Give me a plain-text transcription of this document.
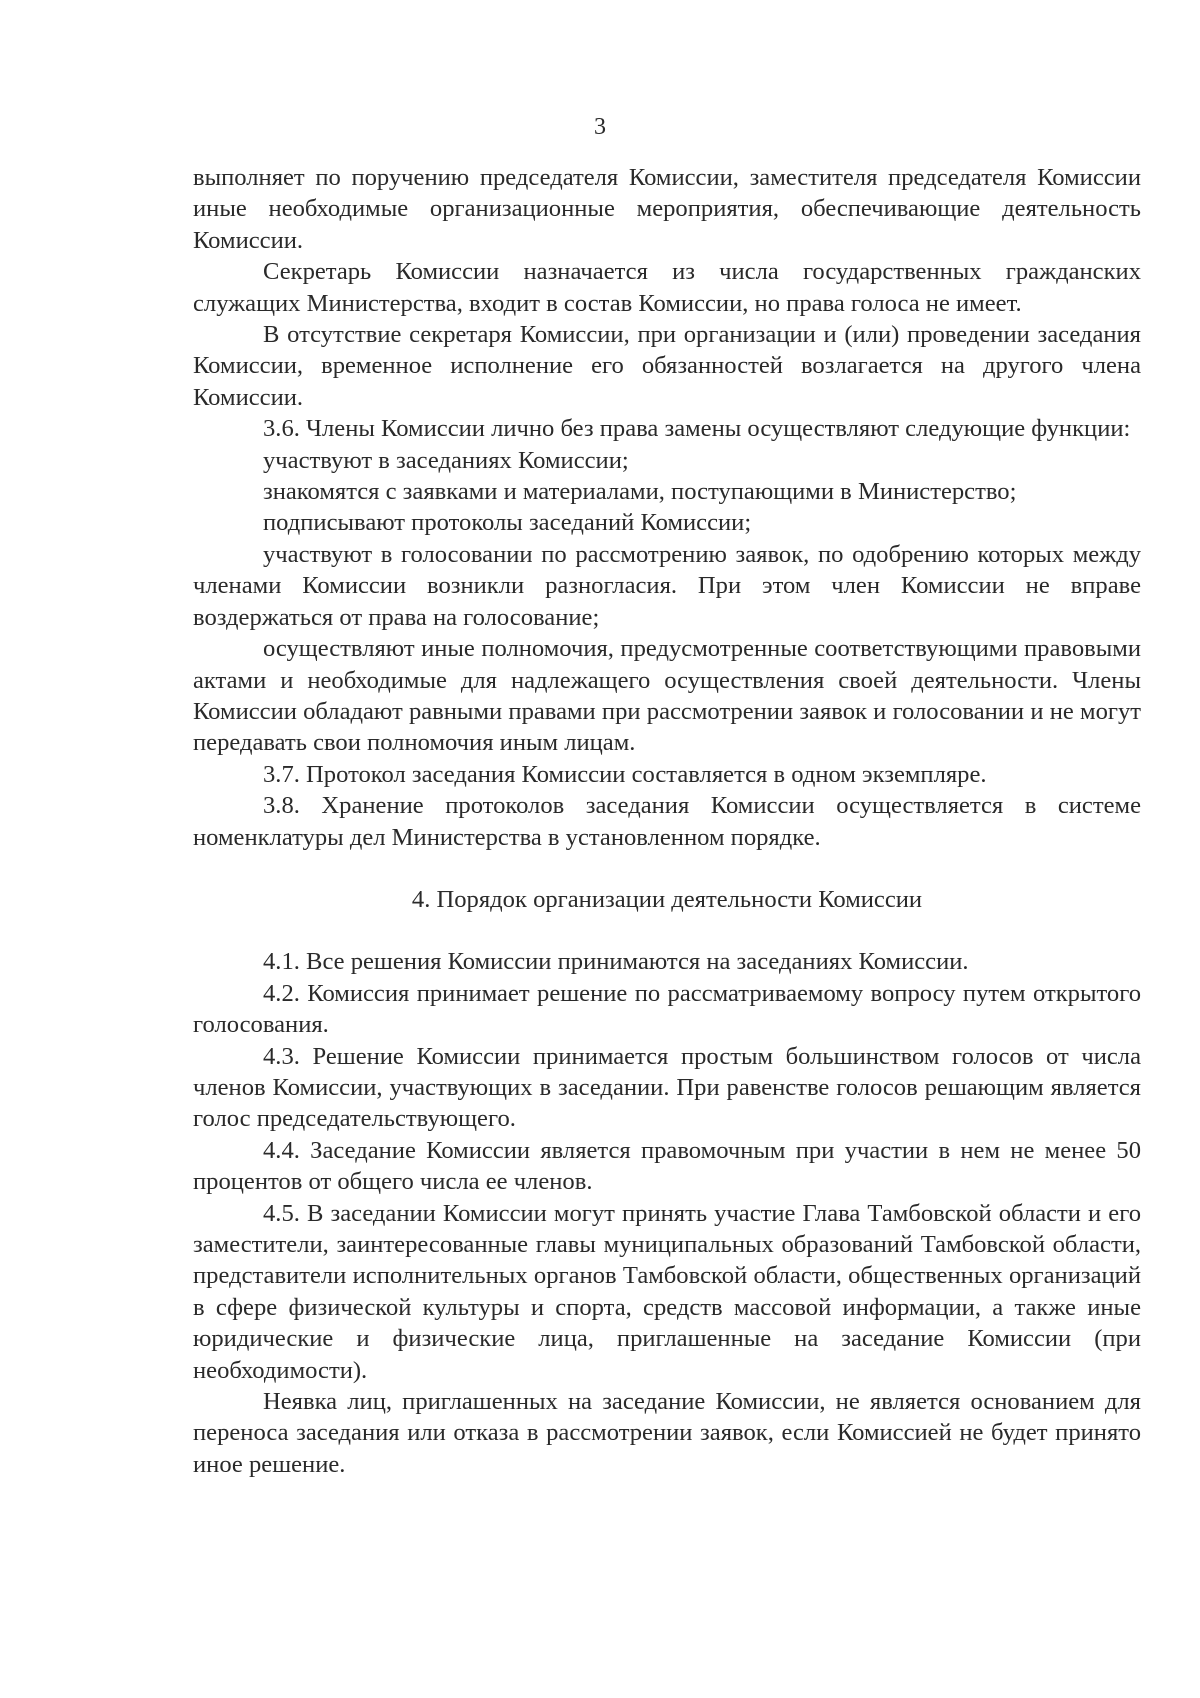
3

выполняет по поручению председателя Комиссии, заместителя председателя Комиссии иные необходимые организационные мероприятия, обеспечивающие деятельность Комиссии.

Секретарь Комиссии назначается из числа государственных гражданских служащих Министерства, входит в состав Комиссии, но права голоса не имеет.

В отсутствие секретаря Комиссии, при организации и (или) проведении заседания Комиссии, временное исполнение его обязанностей возлагается на другого члена Комиссии.

3.6. Члены Комиссии лично без права замены осуществляют следующие функции:

участвуют в заседаниях Комиссии;

знакомятся с заявками и материалами, поступающими в Министерство;

подписывают протоколы заседаний Комиссии;

участвуют в голосовании по рассмотрению заявок, по одобрению которых между членами Комиссии возникли разногласия. При этом член Комиссии не вправе воздержаться от права на голосование;

осуществляют иные полномочия, предусмотренные соответствующими правовыми актами и необходимые для надлежащего осуществления своей деятельности. Члены Комиссии обладают равными правами при рассмотрении заявок и голосовании и не могут передавать свои полномочия иным лицам.

3.7. Протокол заседания Комиссии составляется в одном экземпляре.

3.8. Хранение протоколов заседания Комиссии осуществляется в системе номенклатуры дел Министерства в установленном порядке.

4. Порядок организации деятельности Комиссии

4.1. Все решения Комиссии принимаются на заседаниях Комиссии.

4.2. Комиссия принимает решение по рассматриваемому вопросу путем открытого голосования.

4.3. Решение Комиссии принимается простым большинством голосов от числа членов Комиссии, участвующих в заседании. При равенстве голосов решающим является голос председательствующего.

4.4. Заседание Комиссии является правомочным при участии в нем не менее 50 процентов от общего числа ее членов.

4.5. В заседании Комиссии могут принять участие Глава Тамбовской области и его заместители, заинтересованные главы муниципальных образований Тамбовской области, представители исполнительных органов Тамбовской области, общественных организаций в сфере физической культуры и спорта, средств массовой информации, а также иные юридические и физические лица, приглашенные на заседание Комиссии (при необходимости).

Неявка лиц, приглашенных на заседание Комиссии, не является основанием для переноса заседания или отказа в рассмотрении заявок, если Комиссией не будет принято иное решение.
